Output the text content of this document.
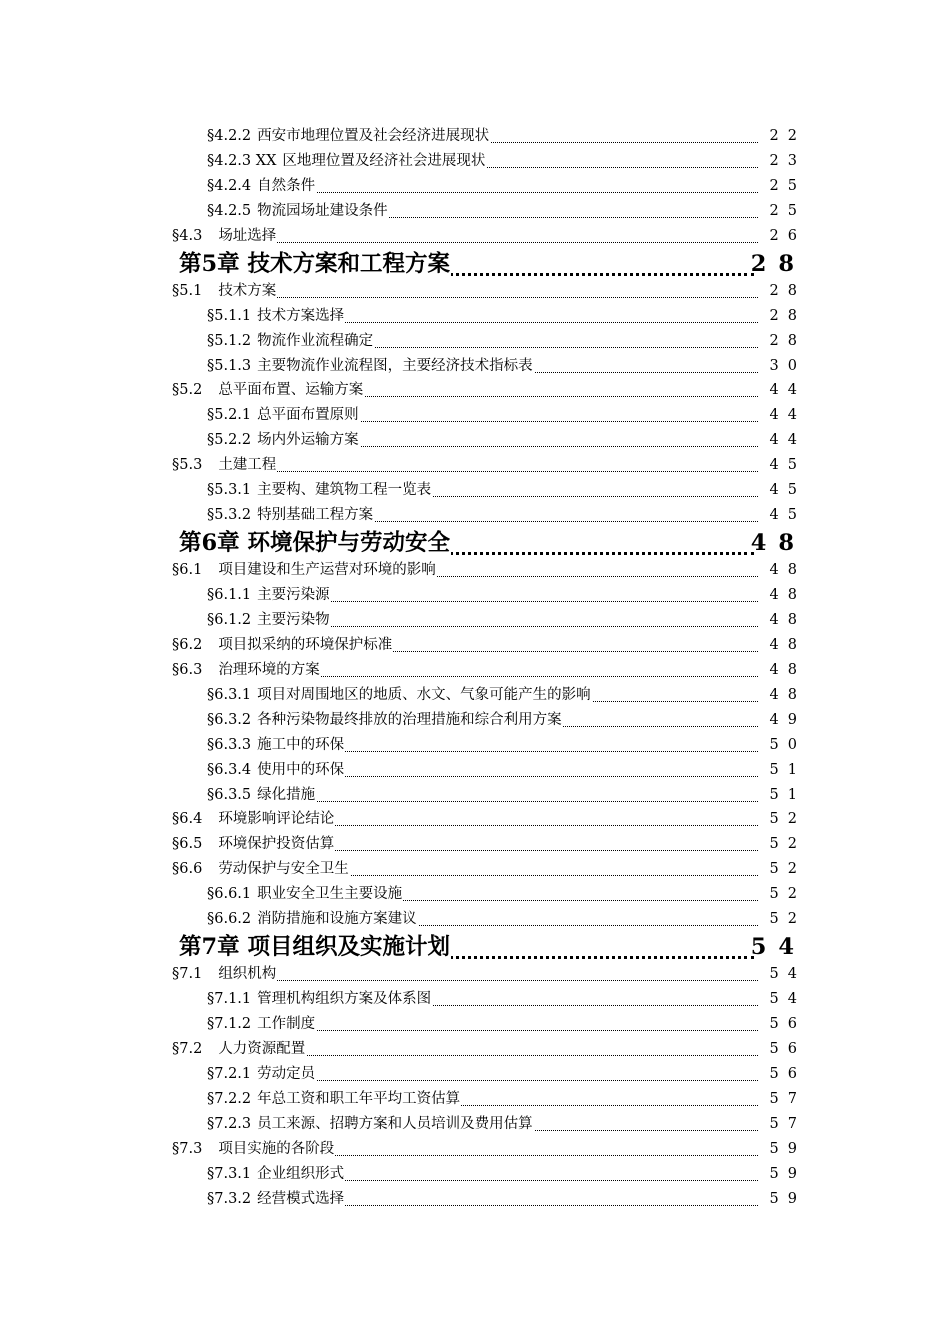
§4.2.2 西安市地理位置及社会经济进展现状	22
§4.2.3 XX 区地理位置及经济社会进展现状	23
§4.2.4 自然条件	25
§4.2.5 物流园场址建设条件	25
§4.3 场址选择	26
第5章 技术方案和工程方案	28
§5.1 技术方案	28
§5.1.1 技术方案选择	28
§5.1.2 物流作业流程确定	28
§5.1.3 主要物流作业流程图，主要经济技术指标表	30
§5.2 总平面布置、运输方案	44
§5.2.1 总平面布置原则	44
§5.2.2 场内外运输方案	44
§5.3 土建工程	45
§5.3.1 主要构、建筑物工程一览表	45
§5.3.2 特别基础工程方案	45
第6章 环境保护与劳动安全	48
§6.1 项目建设和生产运营对环境的影响	48
§6.1.1 主要污染源	48
§6.1.2 主要污染物	48
§6.2 项目拟采纳的环境保护标准	48
§6.3 治理环境的方案	48
§6.3.1 项目对周围地区的地质、水文、气象可能产生的影响	48
§6.3.2 各种污染物最终排放的治理措施和综合利用方案	49
§6.3.3 施工中的环保	50
§6.3.4 使用中的环保	51
§6.3.5 绿化措施	51
§6.4 环境影响评论结论	52
§6.5 环境保护投资估算	52
§6.6 劳动保护与安全卫生	52
§6.6.1 职业安全卫生主要设施	52
§6.6.2 消防措施和设施方案建议	52
第7章 项目组织及实施计划	54
§7.1 组织机构	54
§7.1.1 管理机构组织方案及体系图	54
§7.1.2 工作制度	56
§7.2 人力资源配置	56
§7.2.1 劳动定员	56
§7.2.2 年总工资和职工年平均工资估算	57
§7.2.3 员工来源、招聘方案和人员培训及费用估算	57
§7.3 项目实施的各阶段	59
§7.3.1 企业组织形式	59
§7.3.2 经营模式选择	59
